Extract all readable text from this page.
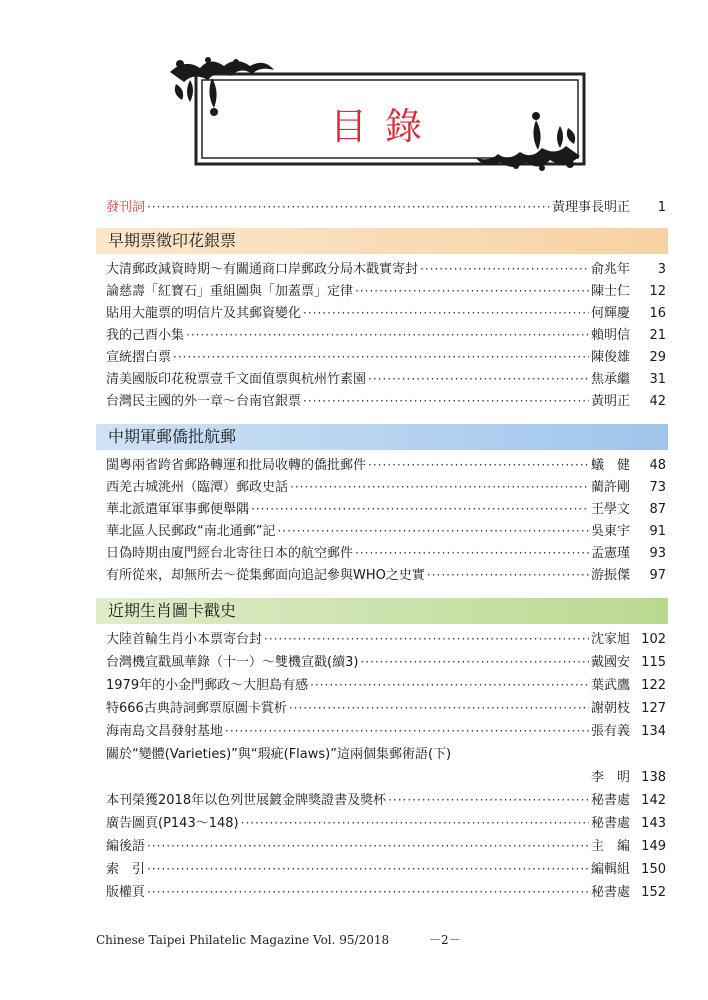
目錄
發刊詞 ·····	黃理事長明正	1
早期票徵印花銀票
大清郵政減資時期～有關通商口岸郵政分局木戳實寄封 ·····	俞兆年	3
論慈壽「紅寶石」重組圖與「加蓋票」定律 ·····	陳士仁	12
貼用大龍票的明信片及其郵資變化 ·····	何輝慶	16
我的己酉小集 ·····	賴明信	21
宣統摺白票 ·····	陳俊雄	29
清美國版印花稅票壹千文面值票與杭州竹素園 ·····	焦承繼	31
台灣民主國的外一章～台南官銀票 ·····	黃明正	42
中期軍郵僑批航郵
閩粵兩省跨省郵路轉運和批局收轉的僑批郵件 ·····	蟻　健	48
西羌古城洮州（臨潭）郵政史話 ·····	藺許剛	73
華北派遣軍軍事郵便舉隅 ·····	王學文	87
華北區人民郵政“南北通郵”記 ·····	吳東宇	91
日偽時期由廈門經台北寄往日本的航空郵件 ·····	孟憲瑾	93
有所從來，却無所去～從集郵面向追記參與WHO之史實 ·····	游振傑	97
近期生肖圖卡戳史
大陸首輪生肖小本票寄台封 ·····	沈家旭 102
台灣機宣戳風華錄（十一）～雙機宣戳(續3) ·····	戴國安 115
1979年的小金門郵政～大胆島有感 ·····	葉武鷹 122
特666古典詩詞郵票原圖卡賞析 ·····	謝朝枝 127
海南島文昌發射基地 ·····	張有義 134
關於“變體(Varieties)”與“瑕疵(Flaws)”這兩個集郵術語(下)
李　明 138
本刊榮獲2018年以色列世展鍍金牌獎證書及獎杯 ·····	秘書處 142
廣告圖頁(P143～148) ·····	秘書處 143
編後語 ·····	主　編 149
索　引 ·····	編輯組 150
版權頁 ·····	秘書處 152
Chinese Taipei Philatelic Magazine Vol. 95/2018	－2－
